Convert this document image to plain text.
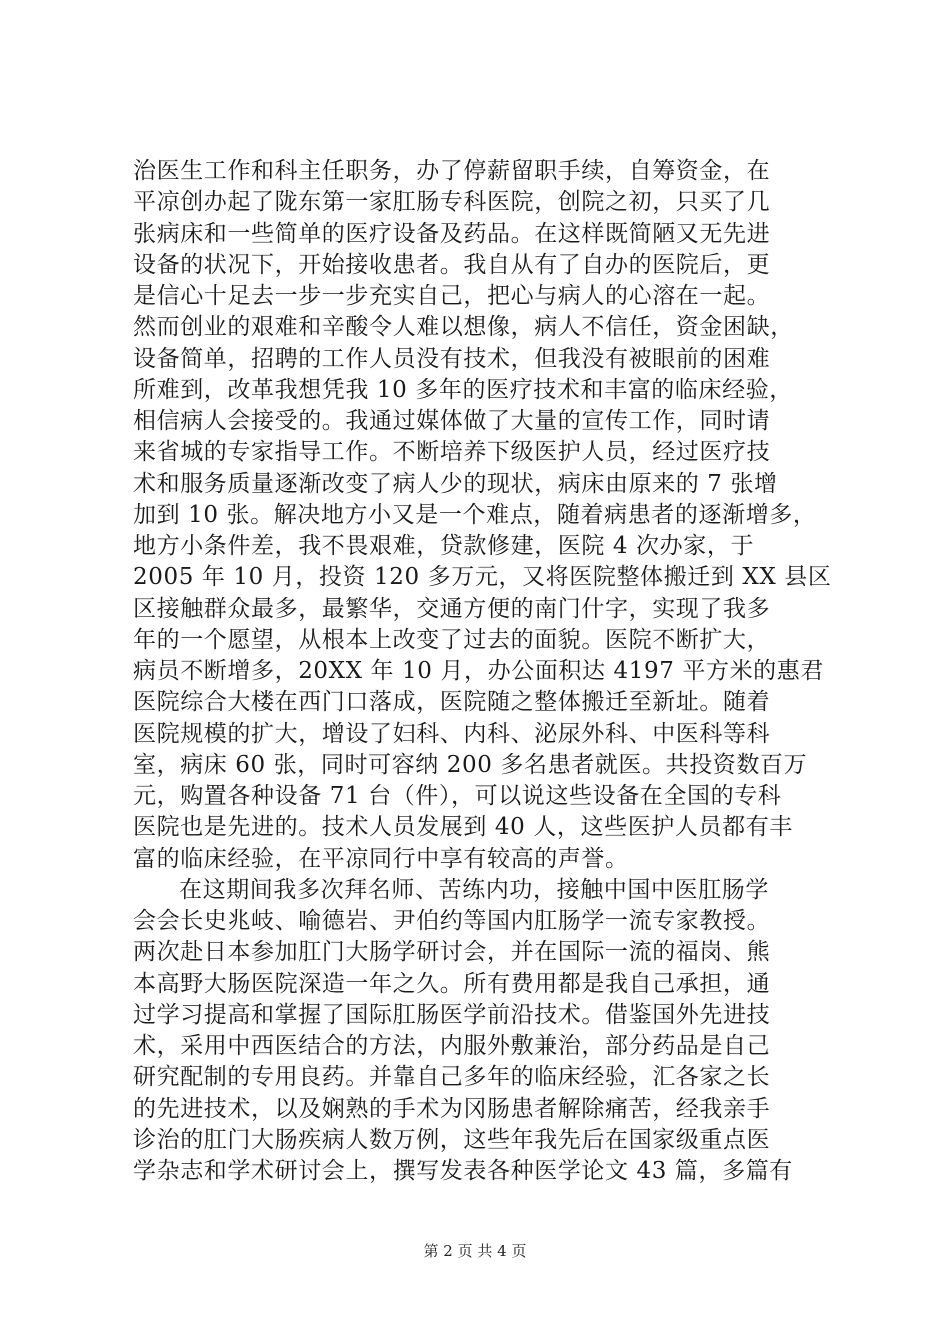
治医生工作和科主任职务，办了停薪留职手续，自筹资金，在
平凉创办起了陇东第一家肛肠专科医院，创院之初，只买了几
张病床和一些简单的医疗设备及药品。在这样既简陋又无先进
设备的状况下，开始接收患者。我自从有了自办的医院后，更
是信心十足去一步一步充实自己，把心与病人的心溶在一起。
然而创业的艰难和辛酸令人难以想像，病人不信任，资金困缺，
设备简单，招聘的工作人员没有技术，但我没有被眼前的困难
所难到，改革我想凭我 10 多年的医疗技术和丰富的临床经验，
相信病人会接受的。我通过媒体做了大量的宣传工作，同时请
来省城的专家指导工作。不断培养下级医护人员，经过医疗技
术和服务质量逐渐改变了病人少的现状，病床由原来的 7 张增
加到 10 张。解决地方小又是一个难点，随着病患者的逐渐增多，
地方小条件差，我不畏艰难，贷款修建，医院 4 次办家，于
2005 年 10 月，投资 120 多万元，又将医院整体搬迁到 XX 县区
区接触群众最多，最繁华，交通方便的南门什字，实现了我多
年的一个愿望，从根本上改变了过去的面貌。医院不断扩大，
病员不断增多，20XX 年 10 月，办公面积达 4197 平方米的惠君
医院综合大楼在西门口落成，医院随之整体搬迁至新址。随着
医院规模的扩大，增设了妇科、内科、泌尿外科、中医科等科
室，病床 60 张，同时可容纳 200 多名患者就医。共投资数百万
元，购置各种设备 71 台（件），可以说这些设备在全国的专科
医院也是先进的。技术人员发展到 40 人，这些医护人员都有丰
富的临床经验，在平凉同行中享有较高的声誉。
在这期间我多次拜名师、苦练内功，接触中国中医肛肠学
会会长史兆岐、喻德岩、尹伯约等国内肛肠学一流专家教授。
两次赴日本参加肛门大肠学研讨会，并在国际一流的福岗、熊
本高野大肠医院深造一年之久。所有费用都是我自己承担，通
过学习提高和掌握了国际肛肠医学前沿技术。借鉴国外先进技
术，采用中西医结合的方法，内服外敷兼治，部分药品是自己
研究配制的专用良药。并靠自己多年的临床经验，汇各家之长
的先进技术，以及娴熟的手术为冈肠患者解除痛苦，经我亲手
诊治的肛门大肠疾病人数万例，这些年我先后在国家级重点医
学杂志和学术研讨会上，撰写发表各种医学论文 43 篇，多篇有
第 2 页 共 4 页
